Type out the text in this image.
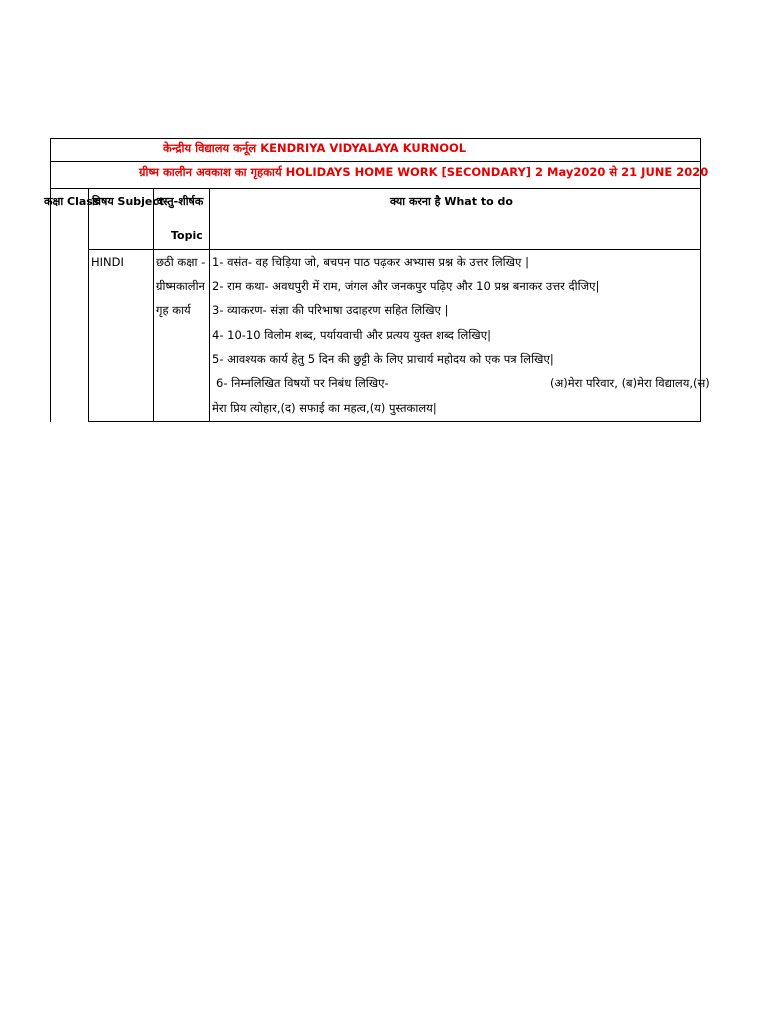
केन्द्रीय विद्यालय कर्नूल KENDRIYA VIDYALAYA KURNOOL
ग्रीष्म कालीन अवकाश का गृहकार्य HOLIDAYS HOME WORK [SECONDARY] 2 May2020 से 21 JUNE 2020
कक्षा Class
विषय Subject
वस्तु-शीर्षक
Topic
क्या करना है What to do
HINDI	छठी कक्षा -
ग्रीष्मकालीन
गृह कार्य
1- वसंत- वह चिड़िया जो, बचपन पाठ पढ़कर अभ्यास प्रश्न के उत्तर लिखिए |
2- राम कथा- अवधपुरी में राम, जंगल और जनकपुर पढ़िए और 10 प्रश्न बनाकर उत्तर दीजिए|
3- व्याकरण- संज्ञा की परिभाषा उदाहरण सहित लिखिए |
4- 10-10 विलोम शब्द, पर्यायवाची और प्रत्यय युक्त शब्द लिखिए|
5- आवश्यक कार्य हेतु 5 दिन की छुट्टी के लिए प्राचार्य महोदय को एक पत्र लिखिए|
6- निम्नलिखित विषयों पर निबंध लिखिए-	(अ)मेरा परिवार, (ब)मेरा विद्यालय,(स)
मेरा प्रिय त्योहार,(द) सफाई का महत्व,(य) पुस्तकालय|
